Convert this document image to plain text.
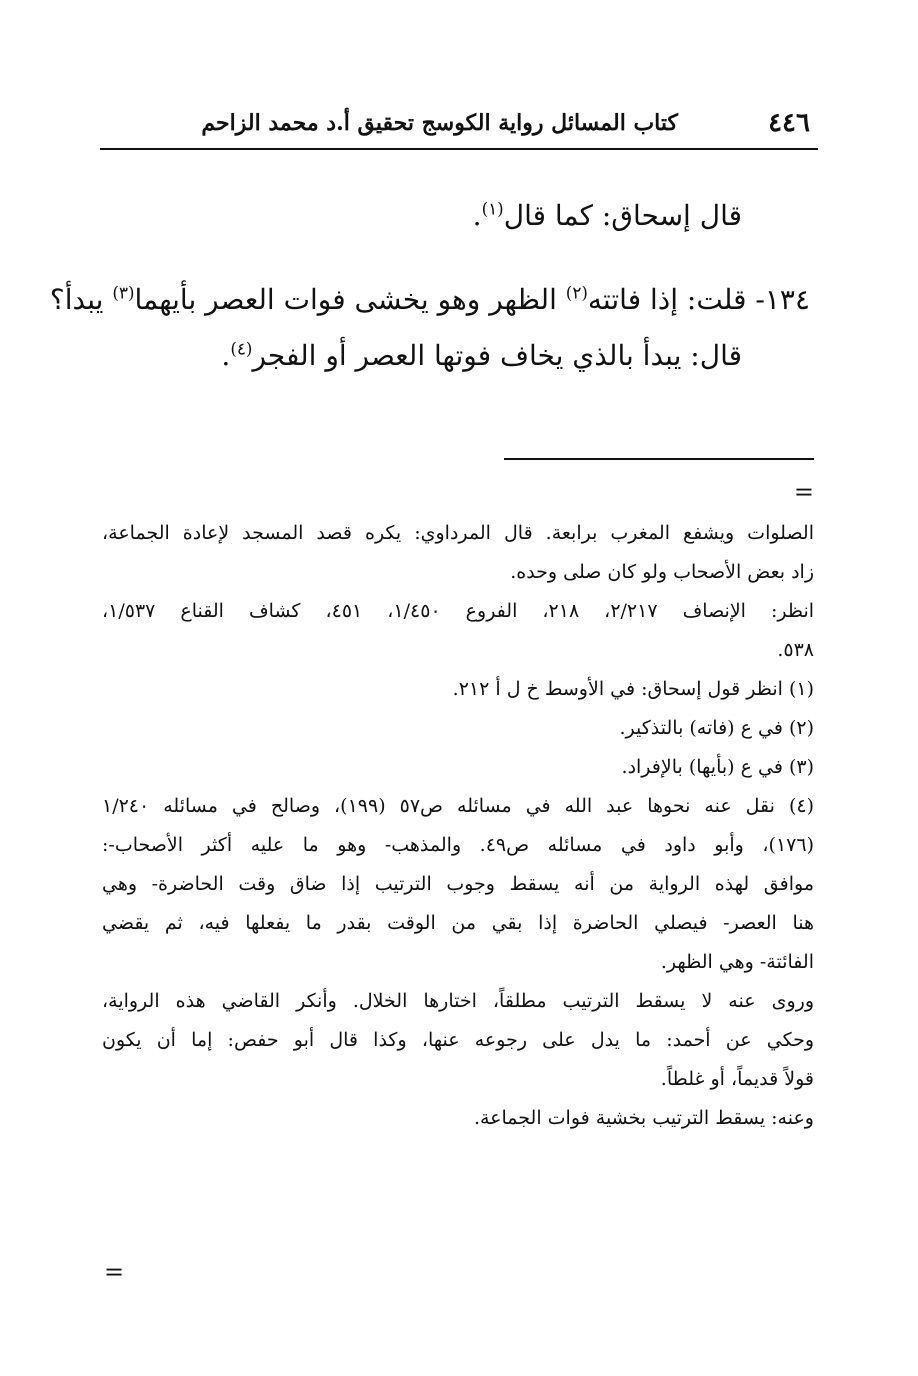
٤٤٦
كتاب المسائل رواية الكوسج تحقيق أ.د محمد الزاحم

قال إسحاق: كما قال$^{(١)}$.

١٣٤- قلت: إذا فاتته$^{(٢)}$ الظهر وهو يخشى فوات العصر بأيهما$^{(٣)}$ يبدأ؟

قال: يبدأ بالذي يخاف فوتها العصر أو الفجر$^{(٤)}$.

=

الصلوات ويشفع المغرب برابعة. قال المرداوي: يكره قصد المسجد لإعادة الجماعة،

زاد بعض الأصحاب ولو كان صلى وحده.

انظر: الإنصاف ٢/٢١٧، ٢١٨، الفروع ١/٤٥٠، ٤٥١، كشاف القناع ١/٥٣٧،

٥٣٨.

(١) انظر قول إسحاق: في الأوسط خ ل أ ٢١٢.

(٢) في ع (فاته) بالتذكير.

(٣) في ع (بأيها) بالإفراد.

(٤) نقل عنه نحوها عبد الله في مسائله ص٥٧ (١٩٩)، وصالح في مسائله ١/٢٤٠

(١٧٦)، وأبو داود في مسائله ص٤٩. والمذهب- وهو ما عليه أكثر الأصحاب-:

موافق لهذه الرواية من أنه يسقط وجوب الترتيب إذا ضاق وقت الحاضرة- وهي

هنا العصر- فيصلي الحاضرة إذا بقي من الوقت بقدر ما يفعلها فيه، ثم يقضي

الفائتة- وهي الظهر.

وروى عنه لا يسقط الترتيب مطلقاً، اختارها الخلال. وأنكر القاضي هذه الرواية،

وحكي عن أحمد: ما يدل على رجوعه عنها، وكذا قال أبو حفص: إما أن يكون

قولاً قديماً، أو غلطاً.

وعنه: يسقط الترتيب بخشية فوات الجماعة.

=
